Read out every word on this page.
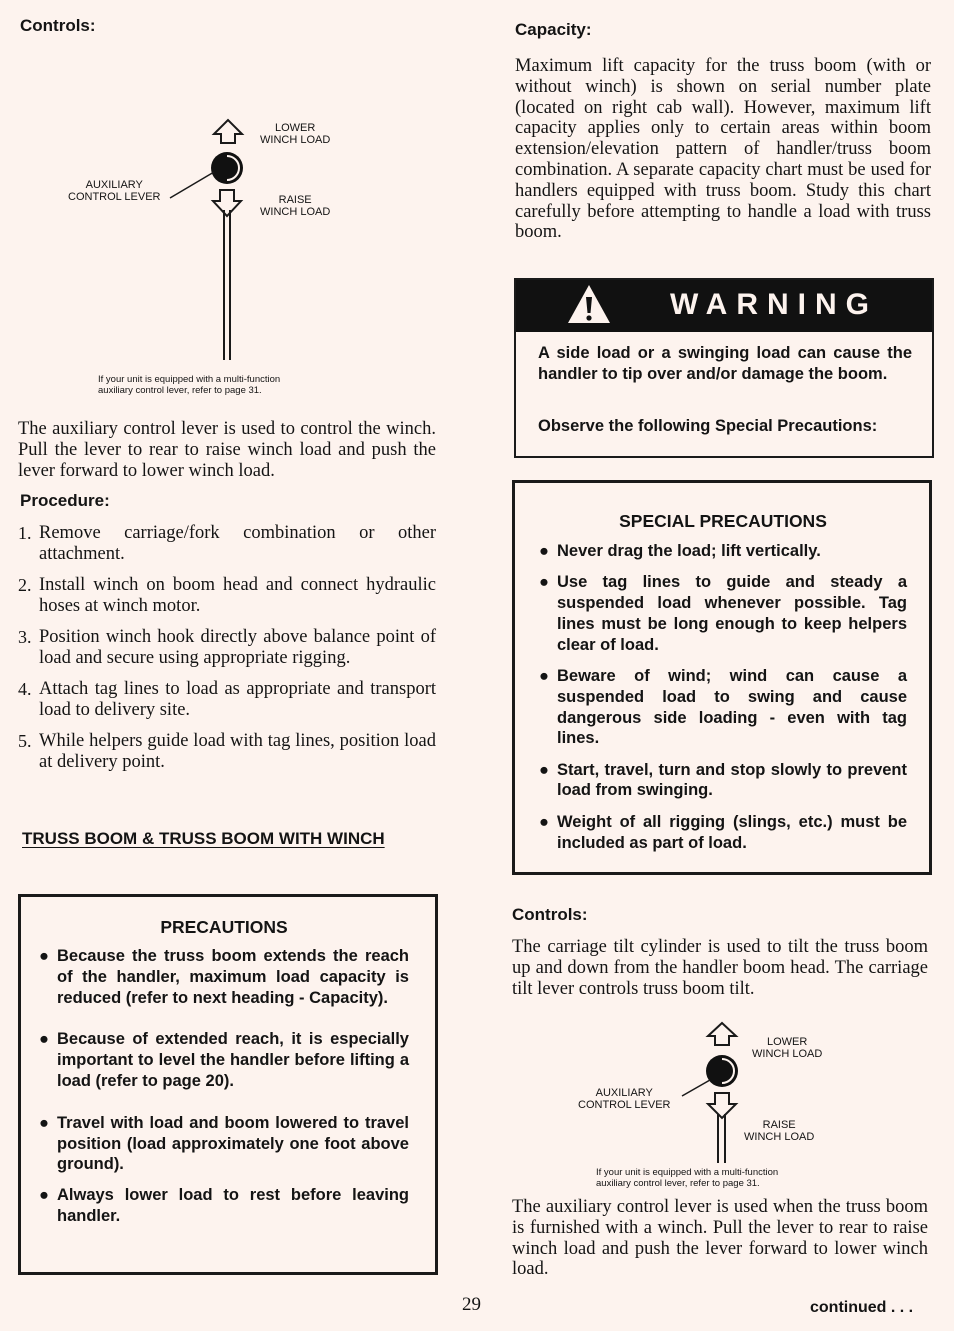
Controls:
LOWER
WINCH LOAD
AUXILIARY
CONTROL LEVER	RAISE
WINCH LOAD
If your unit is equipped with a multi-function
auxiliary control lever, refer to page 31.

The auxiliary control lever is used to control the winch. Pull the lever to rear to raise winch load and push the lever forward to lower winch load.

Procedure:
1. Remove carriage/fork combination or other attachment.
2. Install winch on boom head and connect hydraulic hoses at winch motor.
3. Position winch hook directly above balance point of load and secure using appropriate rigging.
4. Attach tag lines to load as appropriate and transport load to delivery site.
5. While helpers guide load with tag lines, position load at delivery point.
TRUSS BOOM & TRUSS BOOM WITH WINCH
PRECAUTIONS
● Because the truss boom extends the reach of the handler, maximum load capacity is reduced (refer to next heading - Capacity).
● Because of extended reach, it is especially important to level the handler before lifting a load (refer to page 20).
● Travel with load and boom lowered to travel position (load approximately one foot above ground).
● Always lower load to rest before leaving handler.
Capacity:

Maximum lift capacity for the truss boom (with or without winch) is shown on serial number plate (located on right cab wall). However, maximum lift capacity applies only to certain areas within boom extension/elevation pattern of handler/truss boom combination. A separate capacity chart must be used for handlers equipped with truss boom. Study this chart carefully before attempting to handle a load with truss boom.

WARNING

A side load or a swinging load can cause the handler to tip over and/or damage the boom.

Observe the following Special Precautions:

SPECIAL PRECAUTIONS
● Never drag the load; lift vertically.
● Use tag lines to guide and steady a suspended load whenever possible. Tag lines must be long enough to keep helpers clear of load.
● Beware of wind; wind can cause a suspended load to swing and cause dangerous side loading - even with tag lines.
● Start, travel, turn and stop slowly to prevent load from swinging.
● Weight of all rigging (slings, etc.) must be included as part of load.
Controls:

The carriage tilt cylinder is used to tilt the truss boom up and down from the handler boom head. The carriage tilt lever controls truss boom tilt.

LOWER
WINCH LOAD
AUXILIARY
CONTROL LEVER
RAISE
WINCH LOAD
If your unit is equipped with a multi-function
auxiliary control lever, refer to page 31.

The auxiliary control lever is used when the truss boom is furnished with a winch. Pull the lever to rear to raise winch load and push the lever forward to lower winch load.

29	continued . . .
